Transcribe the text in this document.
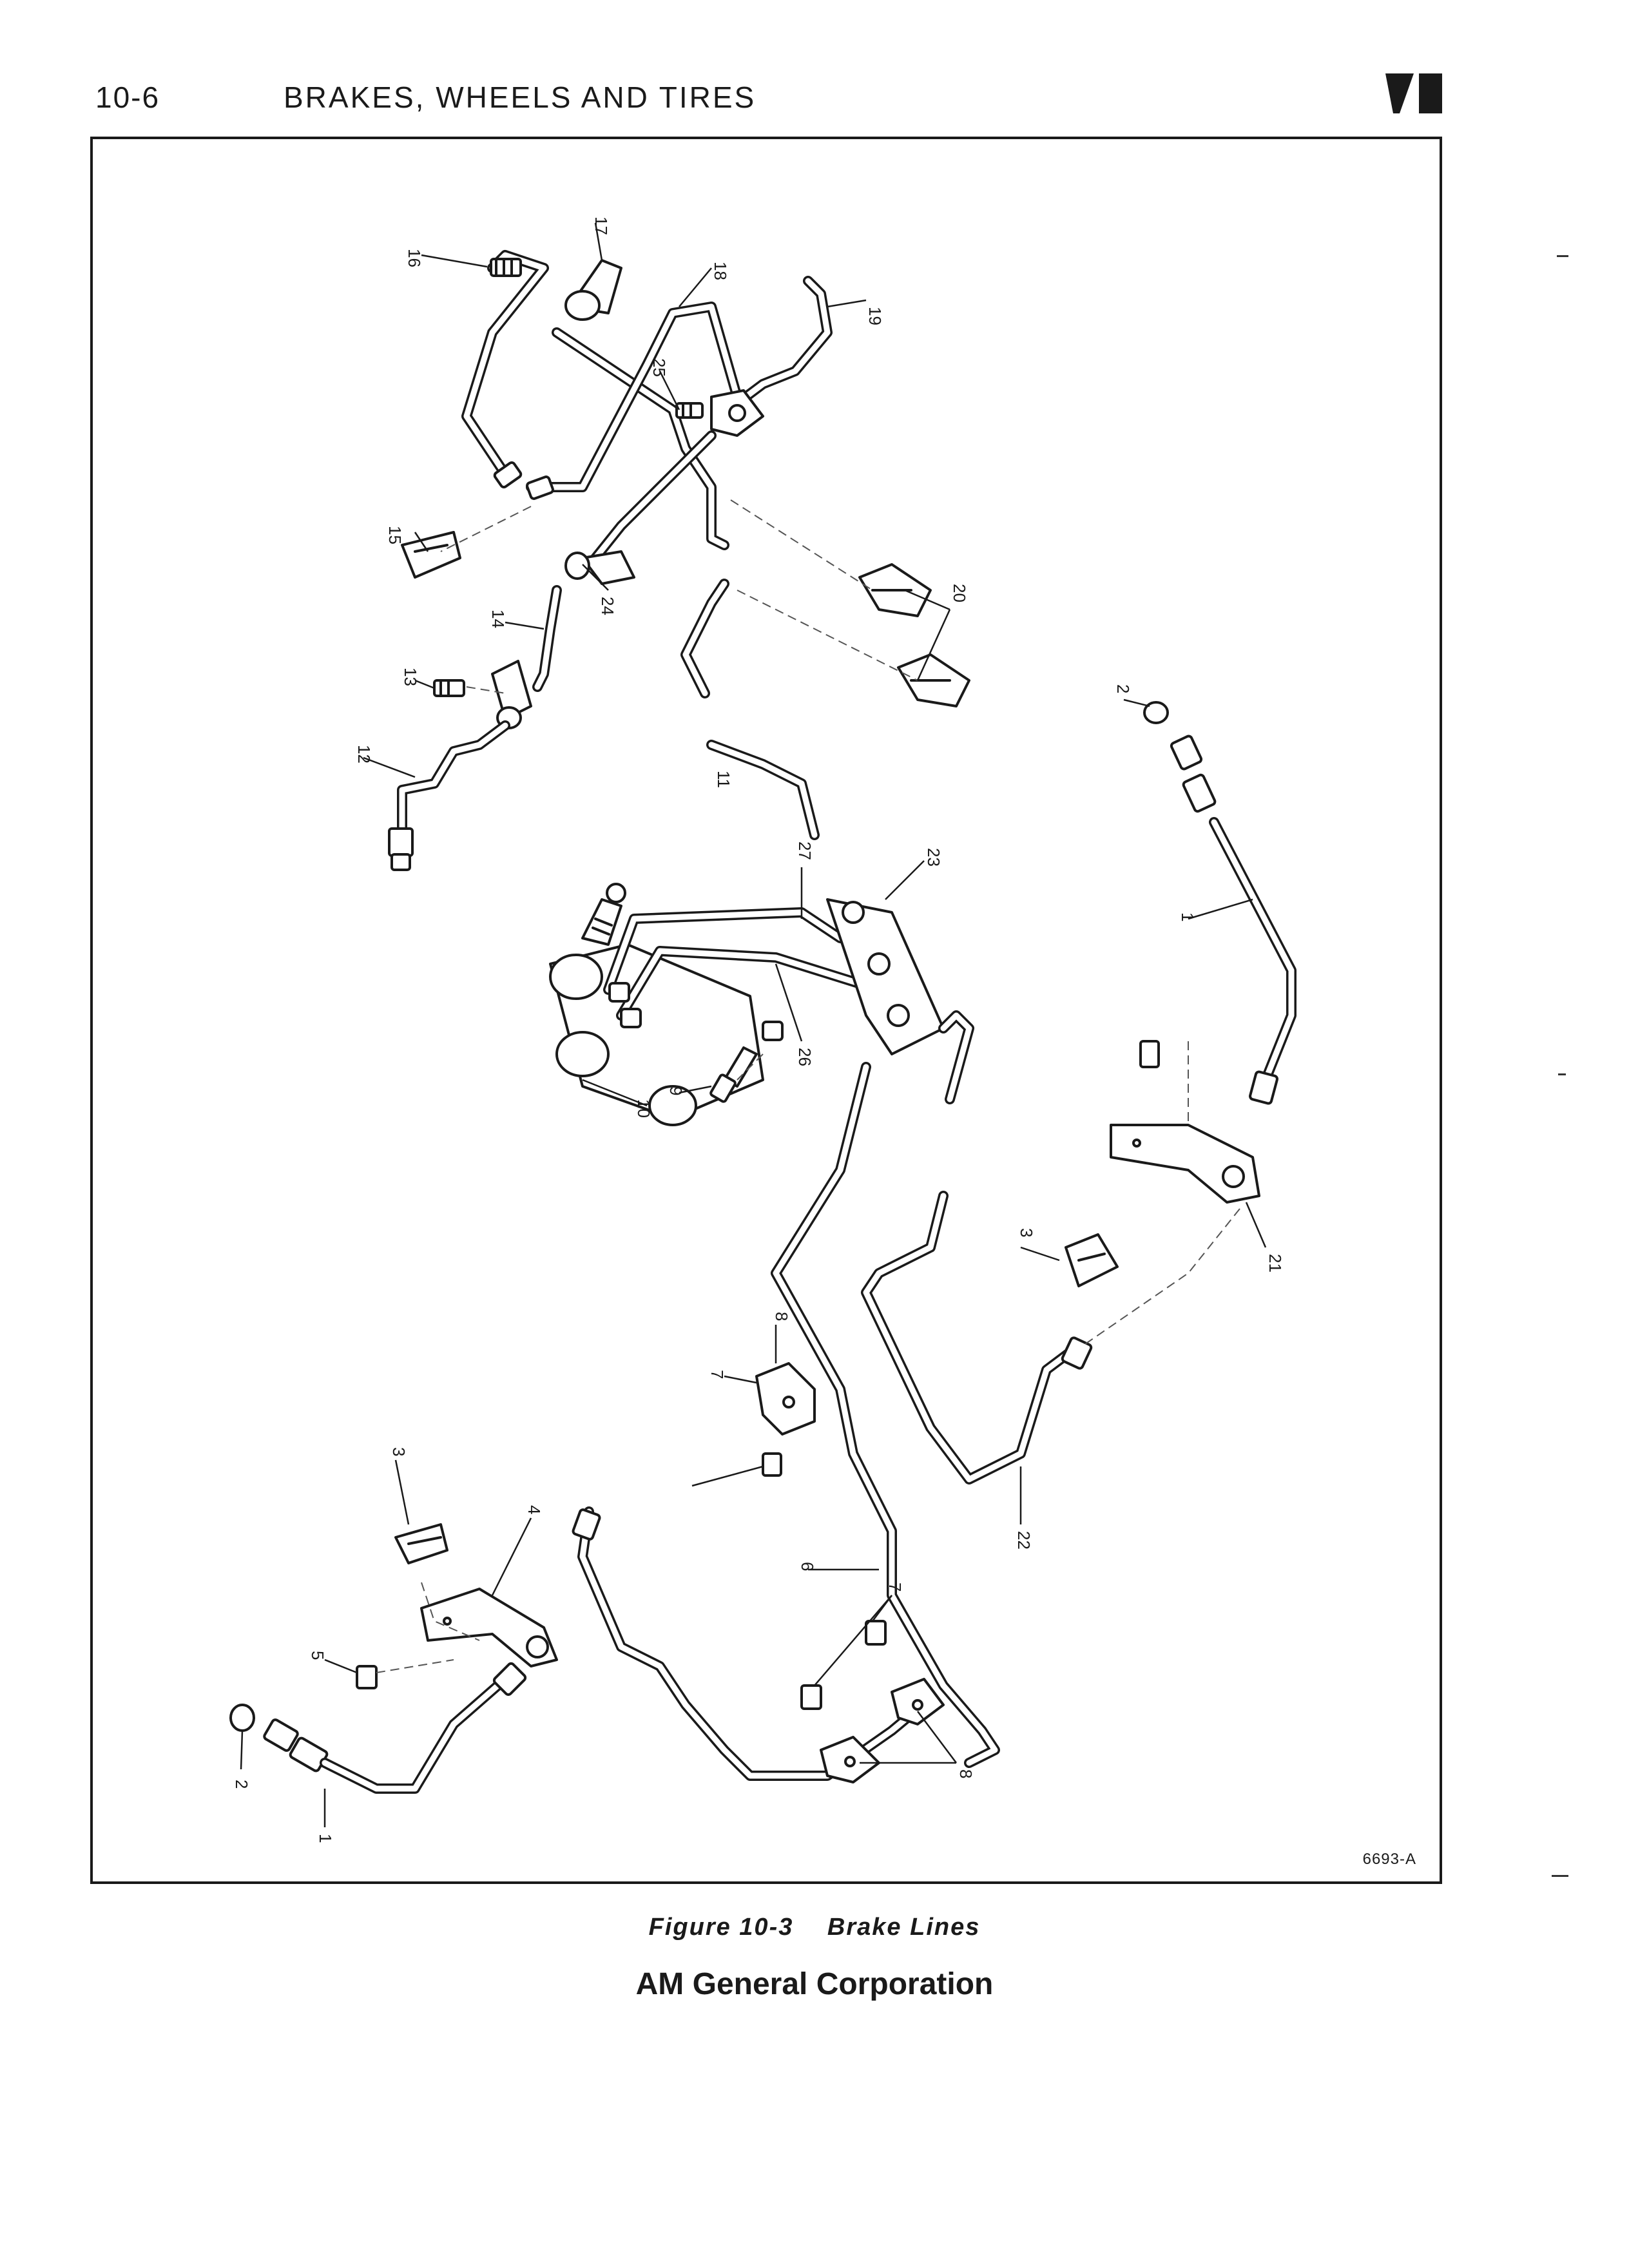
10-6	BRAKES, WHEELS AND TIRES
16
17
18
19
25
15
20
24
14
13
12
11
27	23
2
1
26
10
9
21
3
8
7
22
6
3
4
5
7
8
2
1
6693-A
Figure 10-3 Brake Lines
AM General Corporation
